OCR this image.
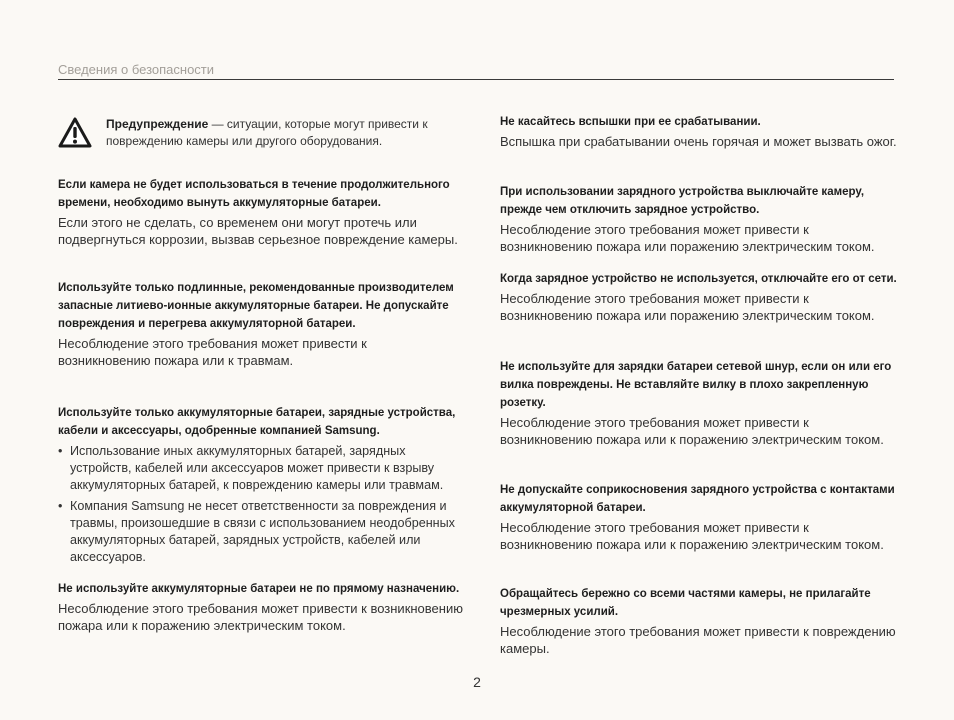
Сведения о безопасности
Предупреждение — ситуации, которые могут привести к повреждению камеры или другого оборудования.

Если камера не будет использоваться в течение продолжительного времени, необходимо вынуть аккумуляторные батареи.

Если этого не сделать, со временем они могут протечь или подвергнуться коррозии, вызвав серьезное повреждение камеры.

Используйте только подлинные, рекомендованные производителем запасные литиево-ионные аккумуляторные батареи. Не допускайте повреждения и перегрева аккумуляторной батареи.

Несоблюдение этого требования может привести к возникновению пожара или к травмам.

Используйте только аккумуляторные батареи, зарядные устройства, кабели и аксессуары, одобренные компанией Samsung.

• Использование иных аккумуляторных батарей, зарядных устройств, кабелей или аксессуаров может привести к взрыву аккумуляторных батарей, к повреждению камеры или травмам.
• Компания Samsung не несет ответственности за повреждения и травмы, произошедшие в связи с использованием неодобренных аккумуляторных батарей, зарядных устройств, кабелей или аксессуаров.

Не используйте аккумуляторные батареи не по прямому назначению.

Несоблюдение этого требования может привести к возникновению пожара или к поражению электрическим током.

Не касайтесь вспышки при ее срабатывании.

Вспышка при срабатывании очень горячая и может вызвать ожог.

При использовании зарядного устройства выключайте камеру, прежде чем отключить зарядное устройство.

Несоблюдение этого требования может привести к возникновению пожара или поражению электрическим током.

Когда зарядное устройство не используется, отключайте его от сети.

Несоблюдение этого требования может привести к возникновению пожара или поражению электрическим током.

Не используйте для зарядки батареи сетевой шнур, если он или его вилка повреждены. Не вставляйте вилку в плохо закрепленную розетку.

Несоблюдение этого требования может привести к возникновению пожара или к поражению электрическим током.

Не допускайте соприкосновения зарядного устройства с контактами аккумуляторной батареи.

Несоблюдение этого требования может привести к возникновению пожара или к поражению электрическим током.

Обращайтесь бережно со всеми частями камеры, не прилагайте чрезмерных усилий.

Несоблюдение этого требования может привести к повреждению камеры.

2
